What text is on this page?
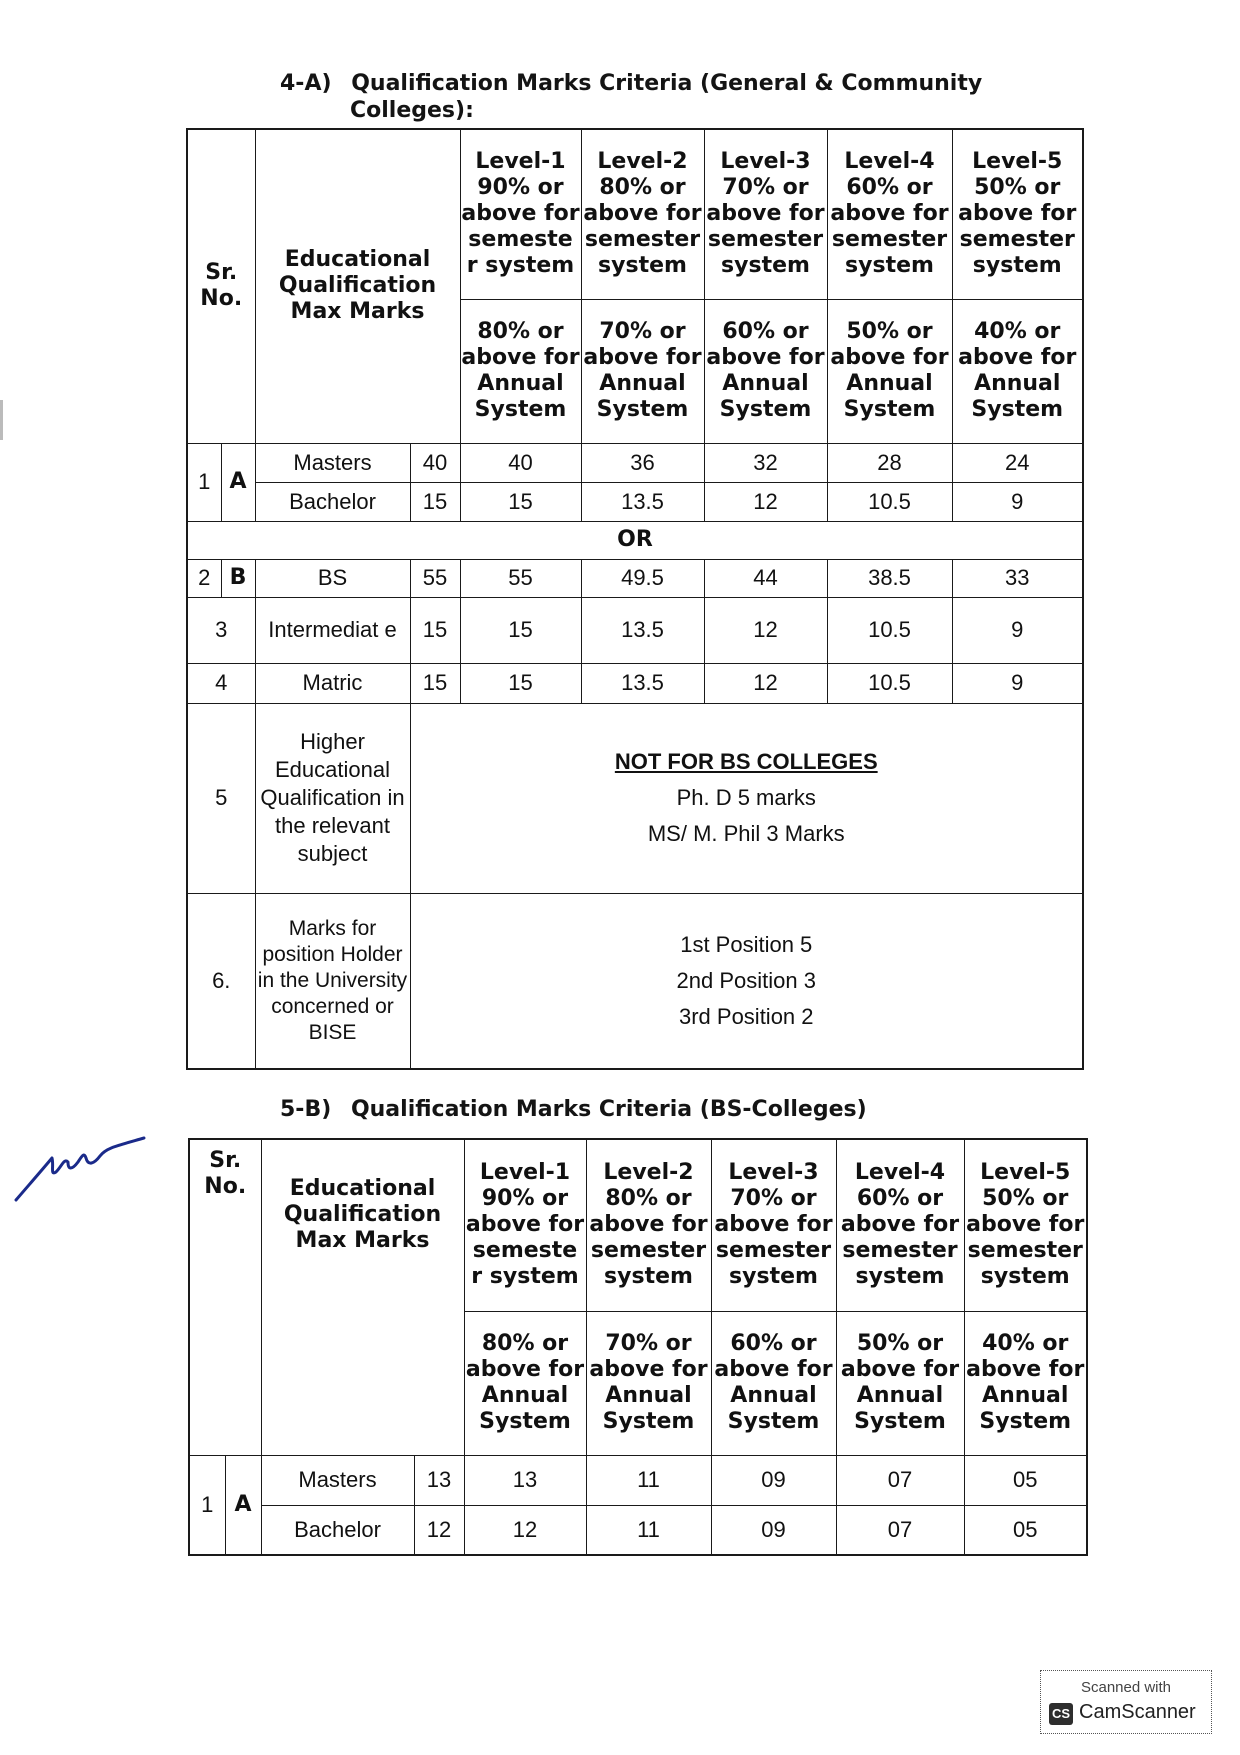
4-A) Qualification Marks Criteria (General & Community
Colleges):
Sr. No.		Educational Qualification Max Marks		Level-1 90% or above for semeste r system	Level-2 80% or above for semester system	Level-3 70% or above for semester system	Level-4 60% or above for semester system	Level-5 50% or above for semester system
				80% or above for Annual System	70% or above for Annual System	60% or above for Annual System	50% or above for Annual System	40% or above for Annual System
1	A	Masters	40	40	36	32	28	24
		Bachelor	15	15	13.5	12	10.5	9
OR								
2	B	BS	55	55	49.5	44	38.5	33
3		Intermediat e	15	15	13.5	12	10.5	9
4		Matric	15	15	13.5	12	10.5	9
5		Higher Educational Qualification in the relevant subject	NOT FOR BS COLLEGES
Ph. D 5 marks
MS/ M. Phil 3 Marks					

6.		Marks for position Holder in the University concerned or BISE	1st Position 5
2nd Position 3
3rd Position 2					
5-B) Qualification Marks Criteria (BS-Colleges)
Sr. No.		Educational Qualification Max Marks		Level-1 90% or above for semeste r system	Level-2 80% or above for semester system	Level-3 70% or above for semester system	Level-4 60% or above for semester system	Level-5 50% or above for semester system
				80% or above for Annual System	70% or above for Annual System	60% or above for Annual System	50% or above for Annual System	40% or above for Annual System
1	A	Masters	13	13	11	09	07	05
		Bachelor	12	12	11	09	07	05
Scanned with
CS CamScanner
